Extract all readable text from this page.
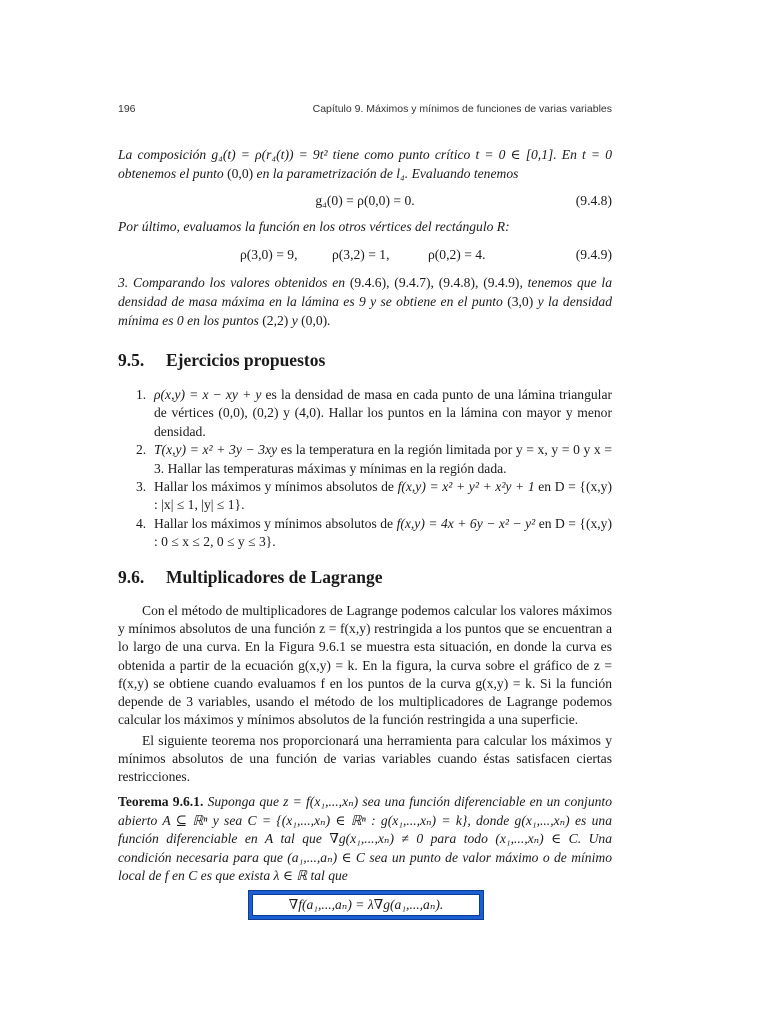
196	Capítulo 9. Máximos y mínimos de funciones de varias variables
La composición g₄(t) = ρ(r₄(t)) = 9t² tiene como punto crítico t = 0 ∈ [0,1]. En t = 0 obtenemos el punto (0,0) en la parametrización de l₄. Evaluando tenemos
g₄(0) = ρ(0,0) = 0.	(9.4.8)
Por último, evaluamos la función en los otros vértices del rectángulo R:
ρ(3,0) = 9,	ρ(3,2) = 1,	ρ(0,2) = 4.	(9.4.9)
3. Comparando los valores obtenidos en (9.4.6), (9.4.7), (9.4.8), (9.4.9), tenemos que la densidad de masa máxima en la lámina es 9 y se obtiene en el punto (3,0) y la densidad mínima es 0 en los puntos (2,2) y (0,0).
9.5. Ejercicios propuestos
1. ρ(x,y) = x − xy + y es la densidad de masa en cada punto de una lámina triangular de vértices (0,0), (0,2) y (4,0). Hallar los puntos en la lámina con mayor y menor densidad.
2. T(x,y) = x² + 3y − 3xy es la temperatura en la región limitada por y = x, y = 0 y x = 3. Hallar las temperaturas máximas y mínimas en la región dada.
3. Hallar los máximos y mínimos absolutos de f(x,y) = x² + y² + x²y + 1 en D = {(x,y) : |x| ≤ 1, |y| ≤ 1}.
4. Hallar los máximos y mínimos absolutos de f(x,y) = 4x + 6y − x² − y² en D = {(x,y) : 0 ≤ x ≤ 2, 0 ≤ y ≤ 3}.
9.6. Multiplicadores de Lagrange
Con el método de multiplicadores de Lagrange podemos calcular los valores máximos y mínimos absolutos de una función z = f(x,y) restringida a los puntos que se encuentran a lo largo de una curva. En la Figura 9.6.1 se muestra esta situación, en donde la curva es obtenida a partir de la ecuación g(x,y) = k. En la figura, la curva sobre el gráfico de z = f(x,y) se obtiene cuando evaluamos f en los puntos de la curva g(x,y) = k. Si la función depende de 3 variables, usando el método de los multiplicadores de Lagrange podemos calcular los máximos y mínimos absolutos de la función restringida a una superficie.
El siguiente teorema nos proporcionará una herramienta para calcular los máximos y mínimos absolutos de una función de varias variables cuando éstas satisfacen ciertas restricciones.
Teorema 9.6.1. Suponga que z = f(x₁,...,xₙ) sea una función diferenciable en un conjunto abierto A ⊆ ℝⁿ y sea C = {(x₁,...,xₙ) ∈ ℝⁿ : g(x₁,...,xₙ) = k}, donde g(x₁,...,xₙ) es una función diferenciable en A tal que ∇g(x₁,...,xₙ) ≠ 0 para todo (x₁,...,xₙ) ∈ C. Una condición necesaria para que (a₁,...,aₙ) ∈ C sea un punto de valor máximo o de mínimo local de f en C es que exista λ ∈ ℝ tal que
∇f(a₁,...,aₙ) = λ∇g(a₁,...,aₙ).
